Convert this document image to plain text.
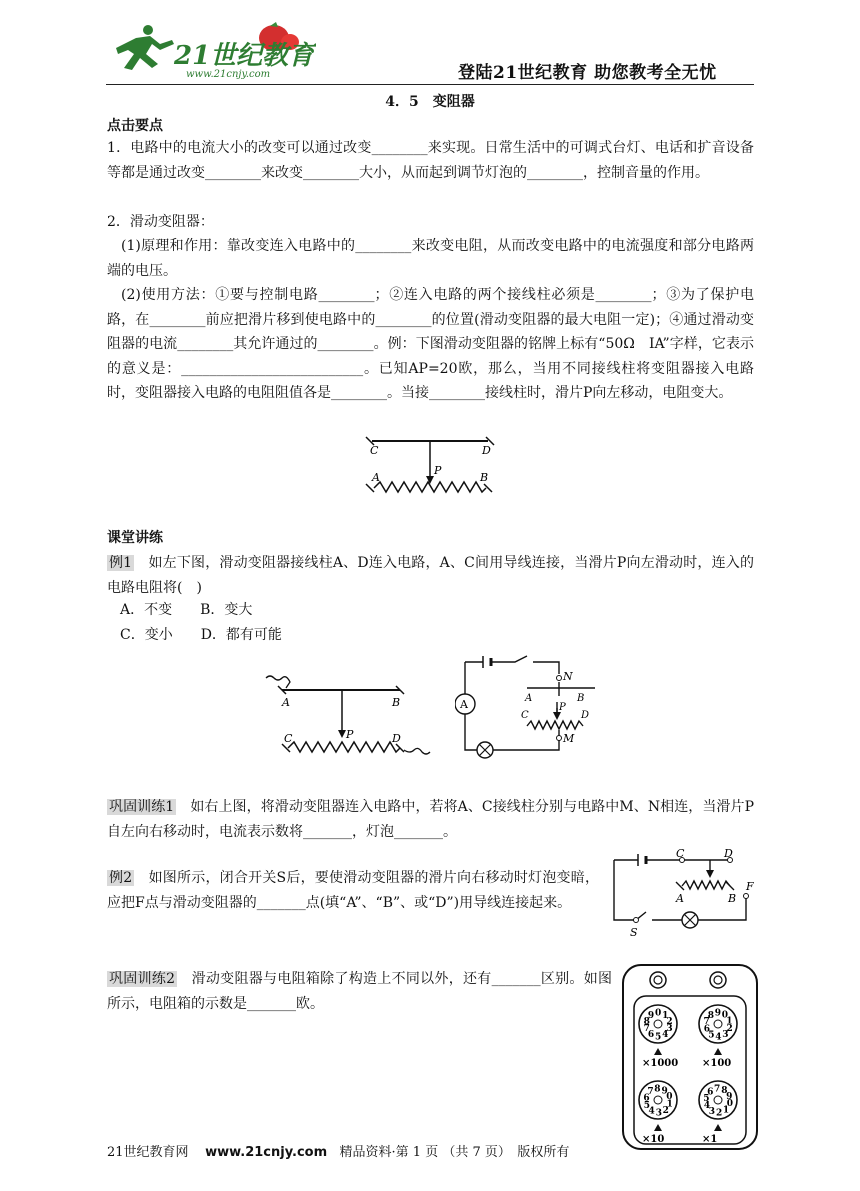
21世纪教育
www.21cnjy.com	登陆21世纪教育 助您教考全无忧
4．5　变阻器
点击要点
1．电路中的电流大小的改变可以通过改变________来实现。日常生活中的可调式台灯、电话和扩音设备等都是通过改变________来改变________大小，从而起到调节灯泡的________，控制音量的作用。
2．滑动变阻器：
(1)原理和作用：靠改变连入电路中的________来改变电阻，从而改变电路中的电流强度和部分电路两端的电压。
(2)使用方法：①要与控制电路________；②连入电路的两个接线柱必须是________；③为了保护电路，在________前应把滑片移到使电路中的________的位置(滑动变阻器的最大电阻一定)；④通过滑动变阻器的电流________其允许通过的________。例：下图滑动变阻器的铭牌上标有“50Ω　IA”字样，它表示的意义是：__________________________。已知AP=20欧，那么，当用不同接线柱将变阻器接入电路时，变阻器接入电路的电阻阻值各是________。当接________接线柱时，滑片P向左移动，电阻变大。
C	D
A	B
P
课堂讲练
例1　如左下图，滑动变阻器接线柱A、D连入电路，A、C间用导线连接，当滑片P向左滑动时，连入的电路电阻将(　)
A．不变　　B．变大
C．变小　　D．都有可能
A	B
C	D
P
A
N
A	B
P
C	D
M
巩固训练1　如右上图，将滑动变阻器连入电路中，若将A、C接线柱分别与电路中M、N相连，当滑片P自左向右移动时，电流表示数将_______，灯泡_______。
例2　如图所示，闭合开关S后，要使滑动变阻器的滑片向右移动时灯泡变暗，应把F点与滑动变阻器的_______点(填“A”、“B”、或“D”)用导线连接起来。
C	D
A	B
F
S
巩固训练2　滑动变阻器与电阻箱除了构造上不同以外，还有_______区别。如图所示，电阻箱的示数是_______欧。
0 1
2
3
4
5
6
7
8
9	0
1
2
3
4
5
6
7
8 9
0
1
2
3
4
5
6
7 8 9
0
1
2
3
4
5
6 7 8
9
×1000 ×100
×10	×1
21世纪教育网 www.21cnjy.com 精品资料·第 1 页 （共 7 页）　版权所有
